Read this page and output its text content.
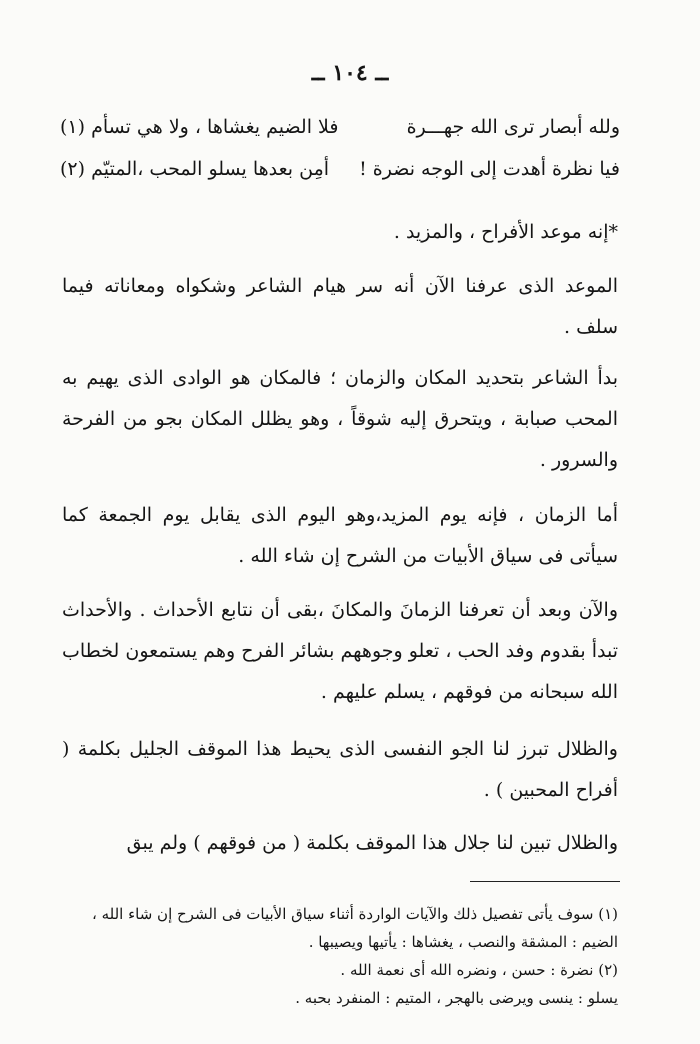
ــ ١٠٤ ــ
ولله أبصار ترى الله جهـــرة
فلا الضيم يغشاها ، ولا هي تسأم (١)
فيا نظرة أهدت إلى الوجه نضرة !
أمِن بعدها يسلو المحب ،المتيّم (٢)

*إنه موعد الأفراح ، والمزيد .

الموعد الذى عرفنا الآن أنه سر هيام الشاعر وشكواه ومعاناته فيما سلف .

بدأ الشاعر بتحديد المكان والزمان ؛ فالمكان هو الوادى الذى يهيم به المحب صبابة ، ويتحرق إليه شوقاً ، وهو يظلل المكان بجو من الفرحة والسرور .

أما الزمان ، فإنه يوم المزيد،وهو اليوم الذى يقابل يوم الجمعة كما سيأتى فى سياق الأبيات من الشرح إن شاء الله .

والآن وبعد أن تعرفنا الزمانَ والمكانَ ،بقى أن نتابع الأحداث . والأحداث تبدأ بقدوم وفد الحب ، تعلو وجوههم بشائر الفرح وهم يستمعون لخطاب الله سبحانه من فوقهم ، يسلم عليهم .

والظلال تبرز لنا الجو النفسى الذى يحيط هذا الموقف الجليل بكلمة ( أفراح المحبين ) .

والظلال تبين لنا جلال هذا الموقف بكلمة ( من فوقهم ) ولم يبق

(١) سوف يأتى تفصيل ذلك والآيات الواردة أثناء سياق الأبيات فى الشرح إن شاء الله ، الضيم : المشقة والنصب ، يغشاها : يأتيها ويصيبها .

(٢) نضرة : حسن ، ونضره الله أى نعمة الله .

يسلو : ينسى ويرضى بالهجر ، المتيم : المنفرد بحبه .
